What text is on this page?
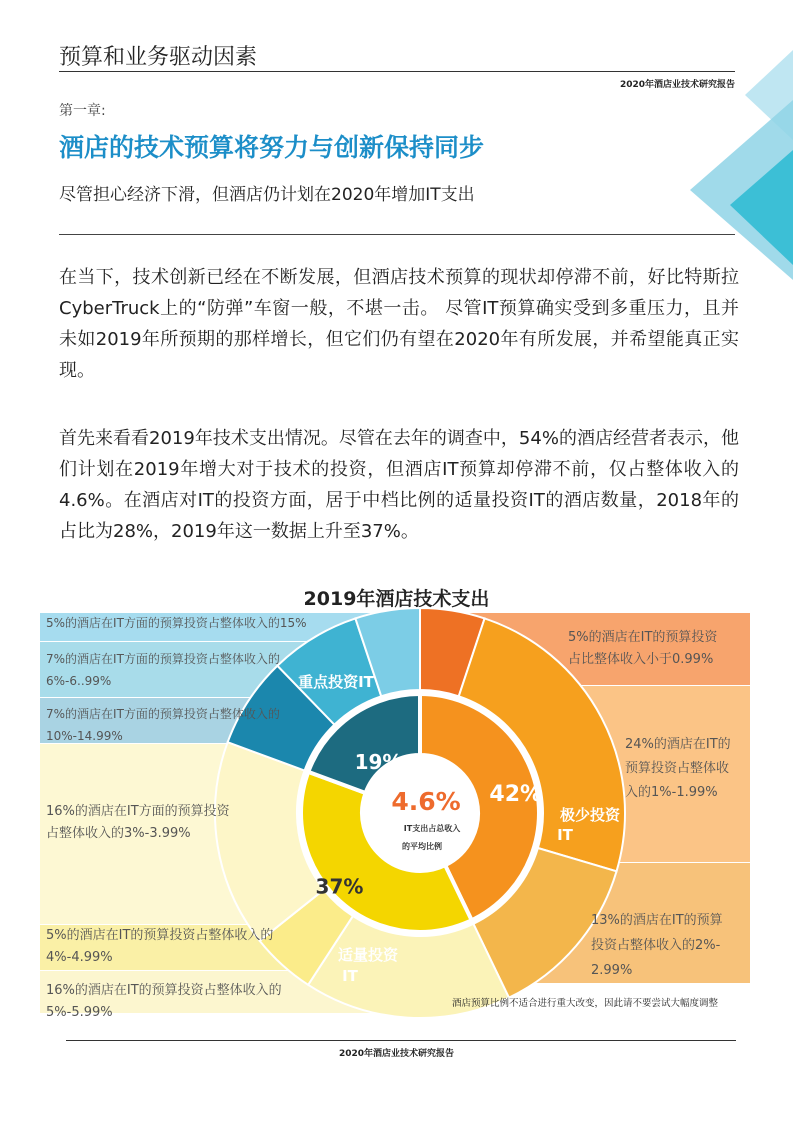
预算和业务驱动因素
2020年酒店业技术研究报告
第一章:
酒店的技术预算将努力与创新保持同步
尽管担心经济下滑，但酒店仍计划在2020年增加IT支出
在当下，技术创新已经在不断发展，但酒店技术预算的现状却停滞不前，好比特斯拉CyberTruck上的“防弹”车窗一般，不堪一击。 尽管IT预算确实受到多重压力，且并未如2019年所预期的那样增长，但它们仍有望在2020年有所发展，并希望能真正实现。
首先来看看2019年技术支出情况。尽管在去年的调查中，54%的酒店经营者表示，他们计划在2019年增大对于技术的投资，但酒店IT预算却停滞不前，仅占整体收入的4.6%。在酒店对IT的投资方面，居于中档比例的适量投资IT的酒店数量，2018年的占比为28%，2019年这一数据上升至37%。
2019年酒店技术支出
42%
37%
19%
重点投资IT
极少投资
IT
适量投资
IT
4.6%
IT支出占总收入
的平均比例
5%的酒店在IT方面的预算投资占整体收入的15%
7%的酒店在IT方面的预算投资占整体收入的
6%-6..99%
7%的酒店在IT方面的预算投资占整体收入的
10%-14.99%
16%的酒店在IT方面的预算投资
占整体收入的3%-3.99%
5%的酒店在IT的预算投资占整体收入的
4%-4.99%
16%的酒店在IT的预算投资占整体收入的
5%-5.99%
5%的酒店在IT的预算投资
占比整体收入小于0.99%
24%的酒店在IT的
预算投资占整体收
入的1%-1.99%
13%的酒店在IT的预算
投资占整体收入的2%-
2.99%
酒店预算比例不适合进行重大改变，因此请不要尝试大幅度调整
2020年酒店业技术研究报告
